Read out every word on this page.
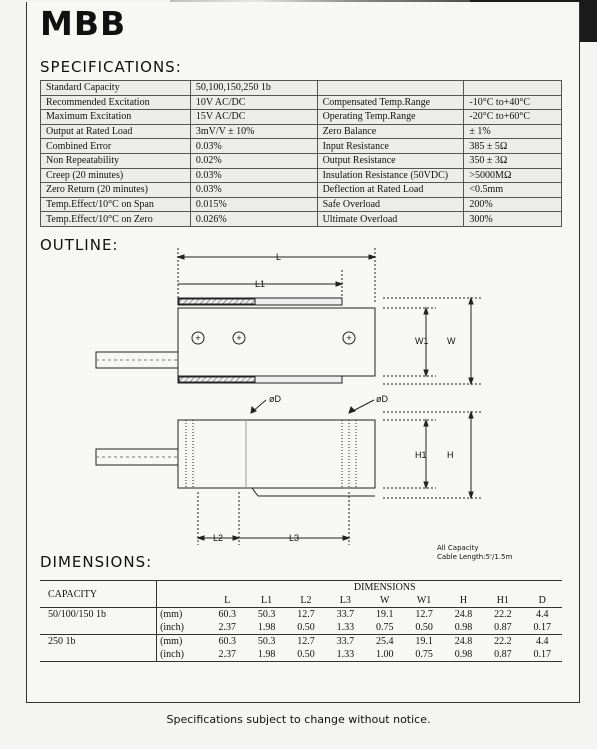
MBB
SPECIFICATIONS:
Standard Capacity	50,100,150,250 1b		
Recommended Excitation	10V AC/DC	Compensated Temp.Range	-10°C to+40°C
Maximum Excitation	15V AC/DC	Operating Temp.Range	-20°C to+60°C
Output at Rated Load	3mV/V ± 10%	Zero Balance	± 1%
Combined Error	0.03%	Input Resistance	385 ± 5Ω
Non Repeatability	0.02%	Output Resistance	350 ± 3Ω
Creep (20 minutes)	0.03%	Insulation Resistance (50VDC)	>5000MΩ
Zero Return (20 minutes)	0.03%	Deflection at Rated Load	<0.5mm
Temp.Effect/10°C on Span	0.015%	Safe Overload	200%
Temp.Effect/10°C on Zero	0.026%	Ultimate Overload	300%
OUTLINE:
L
L1
W1 W
øD	øD
H1 H
L2	L3
+	+	+
All Capacity
Cable Length:5'/1.5m
DIMENSIONS:
CAPACITY		DIMENSIONS								
		L	L1	L2	L3	W	W1	H	H1	D
50/100/150 1b	(mm)	60.3	50.3	12.7	33.7	19.1	12.7	24.8	22.2	4.4
	(inch)	2.37	1.98	0.50	1.33	0.75	0.50	0.98	0.87	0.17
250 1b	(mm)	60.3	50.3	12.7	33.7	25.4	19.1	24.8	22.2	4.4
	(inch)	2.37	1.98	0.50	1.33	1.00	0.75	0.98	0.87	0.17
Specifications subject to change without notice.
